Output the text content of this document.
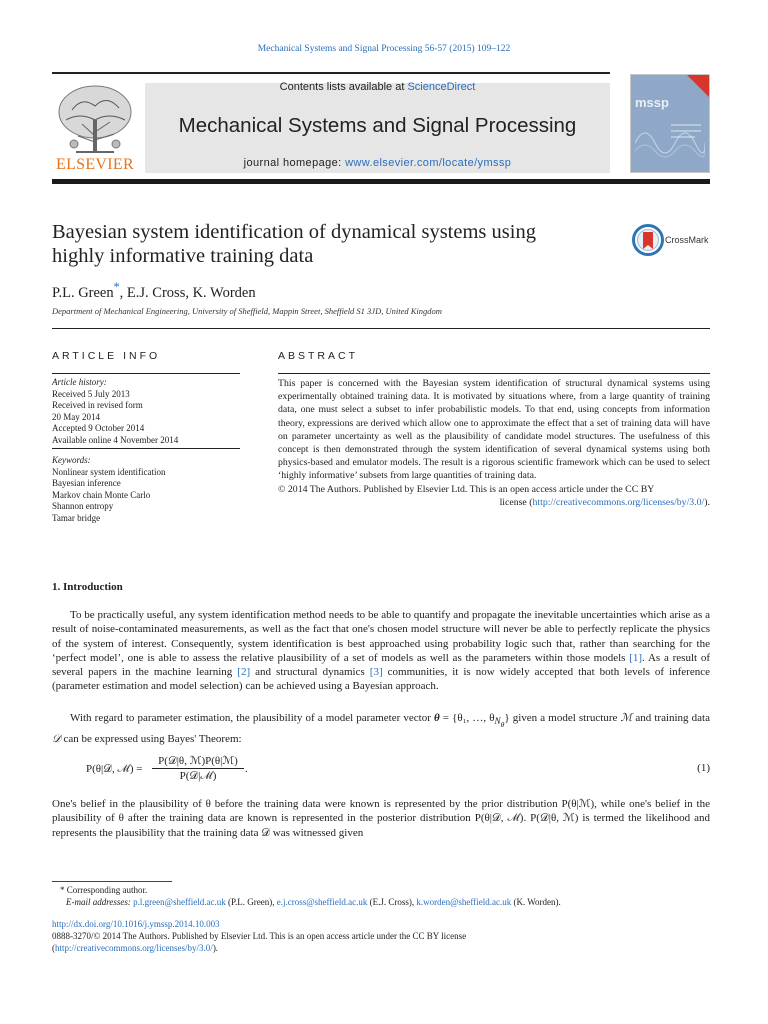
Mechanical Systems and Signal Processing 56-57 (2015) 109–122
ELSEVIER
Contents lists available at ScienceDirect
Mechanical Systems and Signal Processing
journal homepage: www.elsevier.com/locate/ymssp
mssp
Bayesian system identification of dynamical systems using
highly informative training data
CrossMark
P.L. Green*, E.J. Cross, K. Worden
Department of Mechanical Engineering, University of Sheffield, Mappin Street, Sheffield S1 3JD, United Kingdom
ARTICLE INFO	ABSTRACT
Article history:
Received 5 July 2013
Received in revised form
20 May 2014
Accepted 9 October 2014
Available online 4 November 2014
Keywords:
Nonlinear system identification
Bayesian inference
Markov chain Monte Carlo
Shannon entropy
Tamar bridge
This paper is concerned with the Bayesian system identification of structural dynamical systems using experimentally obtained training data. It is motivated by situations where, from a large quantity of training data, one must select a subset to infer probabilistic models. To that end, using concepts from information theory, expressions are derived which allow one to approximate the effect that a set of training data will have on parameter uncertainty as well as the plausibility of candidate model structures. The usefulness of this concept is then demonstrated through the system identification of several dynamical systems using both physics-based and emulator models. The result is a rigorous scientific framework which can be used to select ‘highly informative’ subsets from large quantities of training data.
© 2014 The Authors. Published by Elsevier Ltd. This is an open access article under the CC BY
license (http://creativecommons.org/licenses/by/3.0/).
1. Introduction
To be practically useful, any system identification method needs to be able to quantify and propagate the inevitable uncertainties which arise as a result of noise-contaminated measurements, as well as the fact that one's chosen model structure will never be able to perfectly replicate the physics of the system of interest. Consequently, system identification is best approached using probability logic such that, rather than searching for the ‘perfect model’, one is able to assess the relative plausibility of a set of models as well as the parameters within those models [1]. As a result of several papers in the machine learning [2] and structural dynamics [3] communities, it is now widely accepted that both levels of inference (parameter estimation and model selection) can be achieved using a Bayesian approach.
With regard to parameter estimation, the plausibility of a model parameter vector θ = {θ₁, …, $\theta_{N_\theta}$} given a model structure ℳ and training data 𝒟 can be expressed using Bayes' Theorem:
P(θ|𝒟, ℳ) =
P(𝒟|θ, ℳ)P(θ|ℳ)
P(𝒟|ℳ)
.	(1)
One's belief in the plausibility of θ before the training data were known is represented by the prior distribution P(θ|ℳ), while one's belief in the plausibility of θ after the training data are known is represented in the posterior distribution P(θ|𝒟, ℳ). P(𝒟|θ, ℳ) is termed the likelihood and represents the plausibility that the training data 𝒟 was witnessed given
* Corresponding author.
E-mail addresses: p.l.green@sheffield.ac.uk (P.L. Green), e.j.cross@sheffield.ac.uk (E.J. Cross), k.worden@sheffield.ac.uk (K. Worden).
http://dx.doi.org/10.1016/j.ymssp.2014.10.003
0888-3270/© 2014 The Authors. Published by Elsevier Ltd. This is an open access article under the CC BY license
(http://creativecommons.org/licenses/by/3.0/).
